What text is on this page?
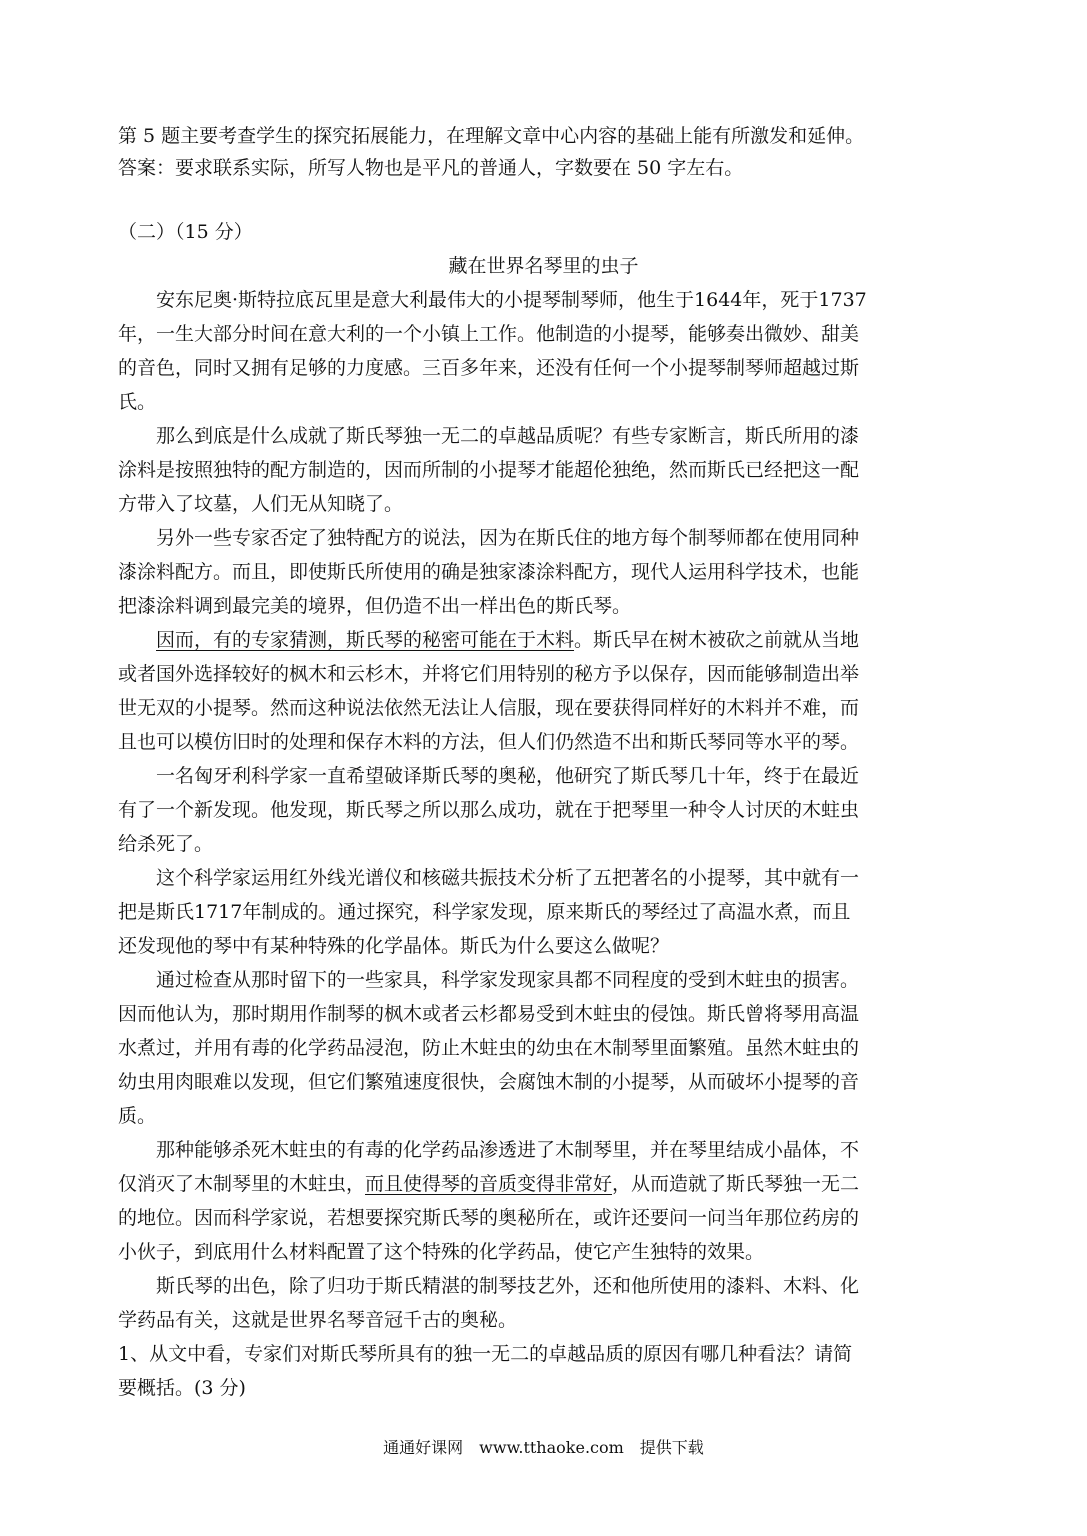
第 5 题主要考查学生的探究拓展能力，在理解文章中心内容的基础上能有所激发和延伸。
答案：要求联系实际，所写人物也是平凡的普通人，字数要在 50 字左右。
（二）（15 分）
藏在世界名琴里的虫子
　　安东尼奥·斯特拉底瓦里是意大利最伟大的小提琴制琴师，他生于1644年，死于1737
年，一生大部分时间在意大利的一个小镇上工作。他制造的小提琴，能够奏出微妙、甜美
的音色，同时又拥有足够的力度感。三百多年来，还没有任何一个小提琴制琴师超越过斯
氏。
　　那么到底是什么成就了斯氏琴独一无二的卓越品质呢？有些专家断言，斯氏所用的漆
涂料是按照独特的配方制造的，因而所制的小提琴才能超伦独绝，然而斯氏已经把这一配
方带入了坟墓，人们无从知晓了。
　　另外一些专家否定了独特配方的说法，因为在斯氏住的地方每个制琴师都在使用同种
漆涂料配方。而且，即使斯氏所使用的确是独家漆涂料配方，现代人运用科学技术，也能
把漆涂料调到最完美的境界，但仍造不出一样出色的斯氏琴。
　　因而，有的专家猜测，斯氏琴的秘密可能在于木料。斯氏早在树木被砍之前就从当地
或者国外选择较好的枫木和云杉木，并将它们用特别的秘方予以保存，因而能够制造出举
世无双的小提琴。然而这种说法依然无法让人信服，现在要获得同样好的木料并不难，而
且也可以模仿旧时的处理和保存木料的方法，但人们仍然造不出和斯氏琴同等水平的琴。
　　一名匈牙利科学家一直希望破译斯氏琴的奥秘，他研究了斯氏琴几十年，终于在最近
有了一个新发现。他发现，斯氏琴之所以那么成功，就在于把琴里一种令人讨厌的木蛀虫
给杀死了。
　　这个科学家运用红外线光谱仪和核磁共振技术分析了五把著名的小提琴，其中就有一
把是斯氏1717年制成的。通过探究，科学家发现，原来斯氏的琴经过了高温水煮，而且
还发现他的琴中有某种特殊的化学晶体。斯氏为什么要这么做呢？
　　通过检查从那时留下的一些家具，科学家发现家具都不同程度的受到木蛀虫的损害。
因而他认为，那时期用作制琴的枫木或者云杉都易受到木蛀虫的侵蚀。斯氏曾将琴用高温
水煮过，并用有毒的化学药品浸泡，防止木蛀虫的幼虫在木制琴里面繁殖。虽然木蛀虫的
幼虫用肉眼难以发现，但它们繁殖速度很快，会腐蚀木制的小提琴，从而破坏小提琴的音
质。
　　那种能够杀死木蛀虫的有毒的化学药品渗透进了木制琴里，并在琴里结成小晶体，不
仅消灭了木制琴里的木蛀虫，而且使得琴的音质变得非常好，从而造就了斯氏琴独一无二
的地位。因而科学家说，若想要探究斯氏琴的奥秘所在，或许还要问一问当年那位药房的
小伙子，到底用什么材料配置了这个特殊的化学药品，使它产生独特的效果。
　　斯氏琴的出色，除了归功于斯氏精湛的制琴技艺外，还和他所使用的漆料、木料、化
学药品有关，这就是世界名琴音冠千古的奥秘。
1、从文中看，专家们对斯氏琴所具有的独一无二的卓越品质的原因有哪几种看法？请简
要概括。(3 分)
通通好课网　www.tthaoke.com　提供下载
